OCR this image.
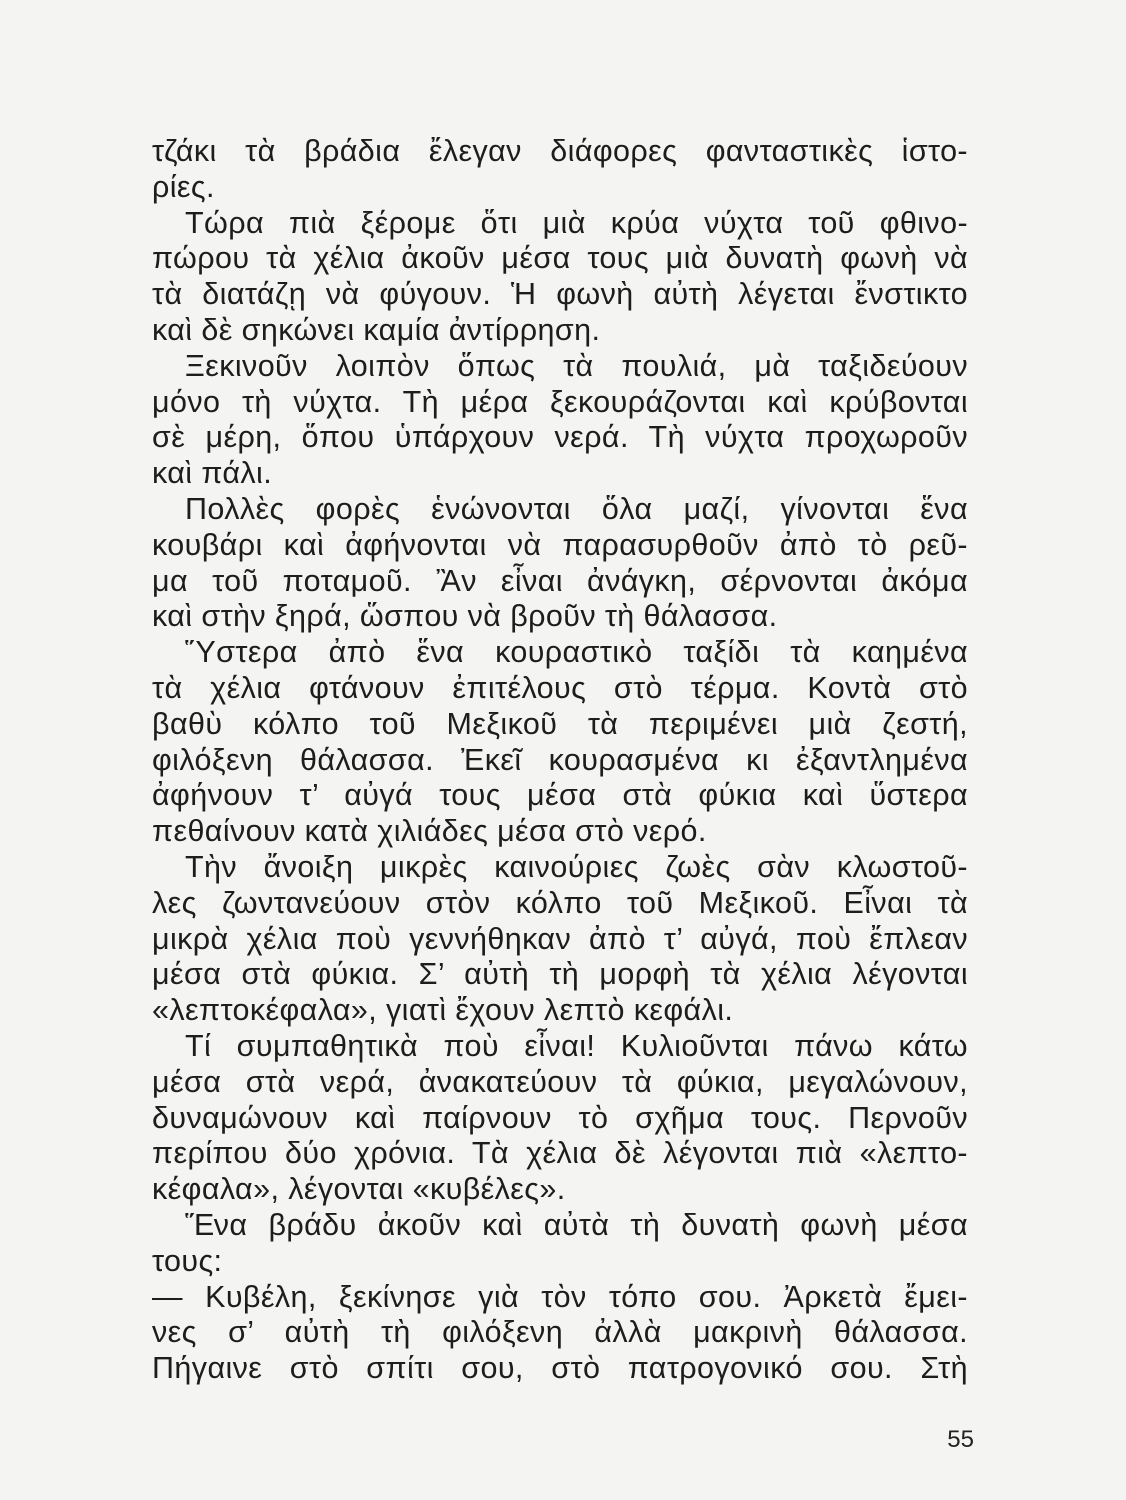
τζάκι τὰ βράδια ἔλεγαν διάφορες φανταστικὲς ἱστο-
ρίες.
Τώρα πιὰ ξέρομε ὅτι μιὰ κρύα νύχτα τοῦ φθινο-
πώρου τὰ χέλια ἀκοῦν μέσα τους μιὰ δυνατὴ φωνὴ νὰ
τὰ διατάζῃ νὰ φύγουν. Ἡ φωνὴ αὐτὴ λέγεται ἔνστικτο
καὶ δὲ σηκώνει καμία ἀντίρρηση.
Ξεκινοῦν λοιπὸν ὅπως τὰ πουλιά, μὰ ταξιδεύουν
μόνο τὴ νύχτα. Τὴ μέρα ξεκουράζονται καὶ κρύβονται
σὲ μέρη, ὅπου ὑπάρχουν νερά. Τὴ νύχτα προχωροῦν
καὶ πάλι.
Πολλὲς φορὲς ἑνώνονται ὅλα μαζί, γίνονται ἕνα
κουβάρι καὶ ἀφήνονται νὰ παρασυρθοῦν ἀπὸ τὸ ρεῦ-
μα τοῦ ποταμοῦ. Ἂν εἶναι ἀνάγκη, σέρνονται ἀκόμα
καὶ στὴν ξηρά, ὥσπου νὰ βροῦν τὴ θάλασσα.
Ὕστερα ἀπὸ ἕνα κουραστικὸ ταξίδι τὰ καημένα
τὰ χέλια φτάνουν ἐπιτέλους στὸ τέρμα. Κοντὰ στὸ
βαθὺ κόλπο τοῦ Μεξικοῦ τὰ περιμένει μιὰ ζεστή,
φιλόξενη θάλασσα. Ἐκεῖ κουρασμένα κι ἐξαντλημένα
ἀφήνουν τ’ αὐγά τους μέσα στὰ φύκια καὶ ὕστερα
πεθαίνουν κατὰ χιλιάδες μέσα στὸ νερό.
Τὴν ἄνοιξη μικρὲς καινούριες ζωὲς σὰν κλωστοῦ-
λες ζωντανεύουν στὸν κόλπο τοῦ Μεξικοῦ. Εἶναι τὰ
μικρὰ χέλια ποὺ γεννήθηκαν ἀπὸ τ’ αὐγά, ποὺ ἔπλεαν
μέσα στὰ φύκια. Σ’ αὐτὴ τὴ μορφὴ τὰ χέλια λέγονται
«λεπτοκέφαλα», γιατὶ ἔχουν λεπτὸ κεφάλι.
Τί συμπαθητικὰ ποὺ εἶναι! Κυλιοῦνται πάνω κάτω
μέσα στὰ νερά, ἀνακατεύουν τὰ φύκια, μεγαλώνουν,
δυναμώνουν καὶ παίρνουν τὸ σχῆμα τους. Περνοῦν
περίπου δύο χρόνια. Τὰ χέλια δὲ λέγονται πιὰ «λεπτο-
κέφαλα», λέγονται «κυβέλες».
Ἕνα βράδυ ἀκοῦν καὶ αὐτὰ τὴ δυνατὴ φωνὴ μέσα
τους:
— Κυβέλη, ξεκίνησε γιὰ τὸν τόπο σου. Ἀρκετὰ ἔμει-
νες σ’ αὐτὴ τὴ φιλόξενη ἀλλὰ μακρινὴ θάλασσα.
Πήγαινε στὸ σπίτι σου, στὸ πατρογονικό σου. Στὴ
55
